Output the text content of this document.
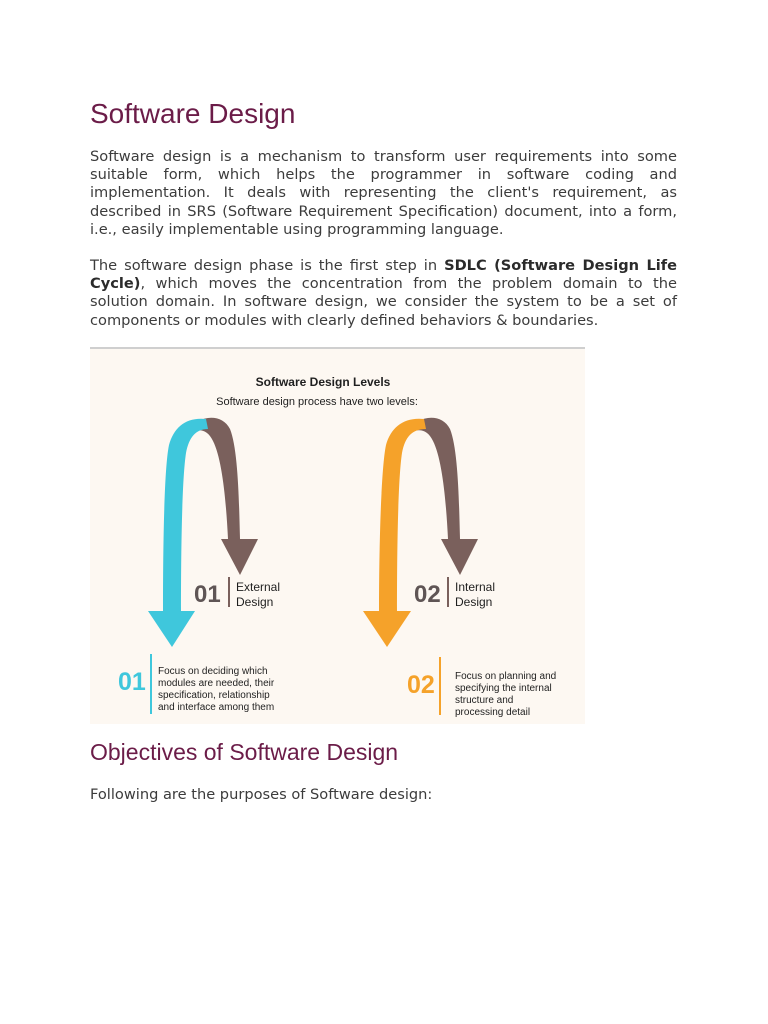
Software Design

Software design is a mechanism to transform user requirements into some suitable form, which helps the programmer in software coding and implementation. It deals with representing the client's requirement, as described in SRS (Software Requirement Specification) document, into a form, i.e., easily implementable using programming language.

The software design phase is the first step in SDLC (Software Design Life Cycle), which moves the concentration from the problem domain to the solution domain. In software design, we consider the system to be a set of components or modules with clearly defined behaviors & boundaries.

Software Design Levels
Software design process have two levels:
01 External
Design
01 Focus on deciding which
modules are needed, their
specification, relationship
and interface among them
02 Internal
Design
02 Focus on planning and
specifying the internal
structure and
processing detail
Objectives of Software Design

Following are the purposes of Software design:
